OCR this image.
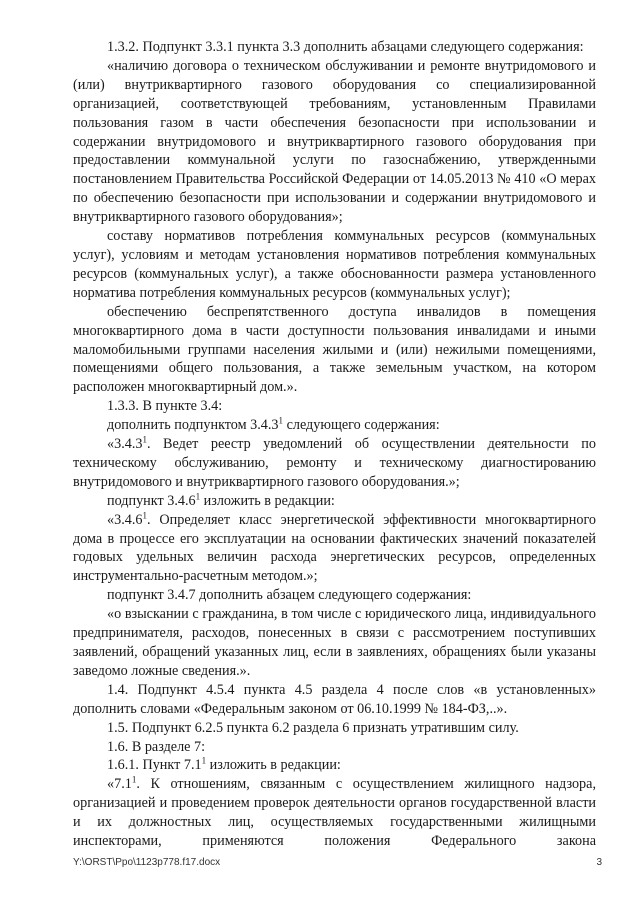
1.3.2. Подпункт 3.3.1 пункта 3.3 дополнить абзацами следующего содержания:

«наличию договора о техническом обслуживании и ремонте внутридомового и (или) внутриквартирного газового оборудования со специализированной организацией, соответствующей требованиям, установленным Правилами пользования газом в части обеспечения безопасности при использовании и содержании внутридомового и внутриквартирного газового оборудования при предоставлении коммунальной услуги по газоснабжению, утвержденными постановлением Правительства Российской Федерации от 14.05.2013 № 410 «О мерах по обеспечению безопасности при использовании и содержании внутридомового и внутриквартирного газового оборудования»;

составу нормативов потребления коммунальных ресурсов (коммунальных услуг), условиям и методам установления нормативов потребления коммунальных ресурсов (коммунальных услуг), а также обоснованности размера установленного норматива потребления коммунальных ресурсов (коммунальных услуг);

обеспечению беспрепятственного доступа инвалидов в помещения многоквартирного дома в части доступности пользования инвалидами и иными маломобильными группами населения жилыми и (или) нежилыми помещениями, помещениями общего пользования, а также земельным участком, на котором расположен многоквартирный дом.».

1.3.3. В пункте 3.4:

дополнить подпунктом 3.4.3$^1$ следующего содержания:

«3.4.3$^1$. Ведет реестр уведомлений об осуществлении деятельности по техническому обслуживанию, ремонту и техническому диагностированию внутридомового и внутриквартирного газового оборудования.»;

подпункт 3.4.6$^1$ изложить в редакции:

«3.4.6$^1$. Определяет класс энергетической эффективности многоквартирного дома в процессе его эксплуатации на основании фактических значений показателей годовых удельных величин расхода энергетических ресурсов, определенных инструментально-расчетным методом.»;

подпункт 3.4.7 дополнить абзацем следующего содержания:

«о взыскании с гражданина, в том числе с юридического лица, индивидуального предпринимателя, расходов, понесенных в связи с рассмотрением поступивших заявлений, обращений указанных лиц, если в заявлениях, обращениях были указаны заведомо ложные сведения.».

1.4. Подпункт 4.5.4 пункта 4.5 раздела 4 после слов «в установленных» дополнить словами «Федеральным законом от 06.10.1999 № 184-ФЗ,..».

1.5. Подпункт 6.2.5 пункта 6.2 раздела 6 признать утратившим силу.

1.6. В разделе 7:

1.6.1. Пункт $7.1^1$ изложить в редакции:

«$7.1^1$. К отношениям, связанным с осуществлением жилищного надзора, организацией и проведением проверок деятельности органов государственной власти и их должностных лиц, осуществляемых государственными жилищными инспекторами, применяются положения Федерального закона

Y:\ORST\Ppo\1123p778.f17.docx	3
